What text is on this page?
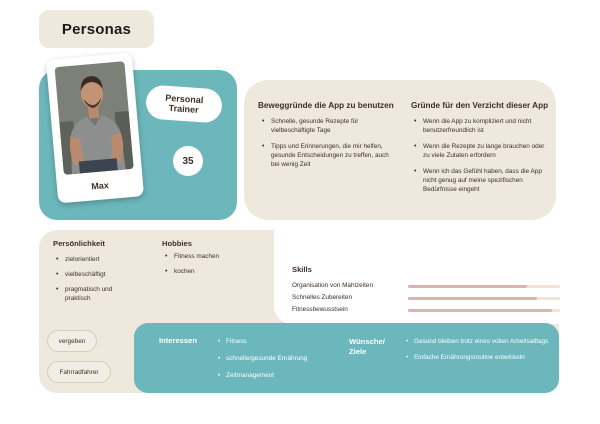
Personas
Max
Personal
Trainer
35
Beweggründe die App zu benutzen
• Schnelle, gesunde Rezepte für vielbeschäftigte Tage
• Tipps und Erinnerungen, die mir helfen, gesunde Entscheidungen zu treffen, auch bei wenig Zeit
Gründe für den Verzicht dieser App
• Wenn die App zu kompliziert und nicht benutzerfreundlich ist
• Wenn die Rezepte zu lange brauchen oder zu viele Zutaten erfordern
• Wenn ich das Gefühl haben, dass die App nicht genug auf meine spezifischen Bedürfnisse eingeht
Persönlichkeit
• zielorientiert
• vielbeschäftigt
• pragmatisch und praktisch
Hobbies
• Fitness machen
• kochen
vergeben
Fahrradfahrer
Skills
Organisation von Mahlzeiten
Schnelles Zubereiten
Fitnessbewusstsein
Interessen
•	Fitness
• schnelle/gesunde Ernährung
• Zeitmanagement
Wünsche/
Ziele
• Gesund bleiben trotz eines vollen Arbeitsalltags
• Einfache Ernährungsroutine entwickeln
